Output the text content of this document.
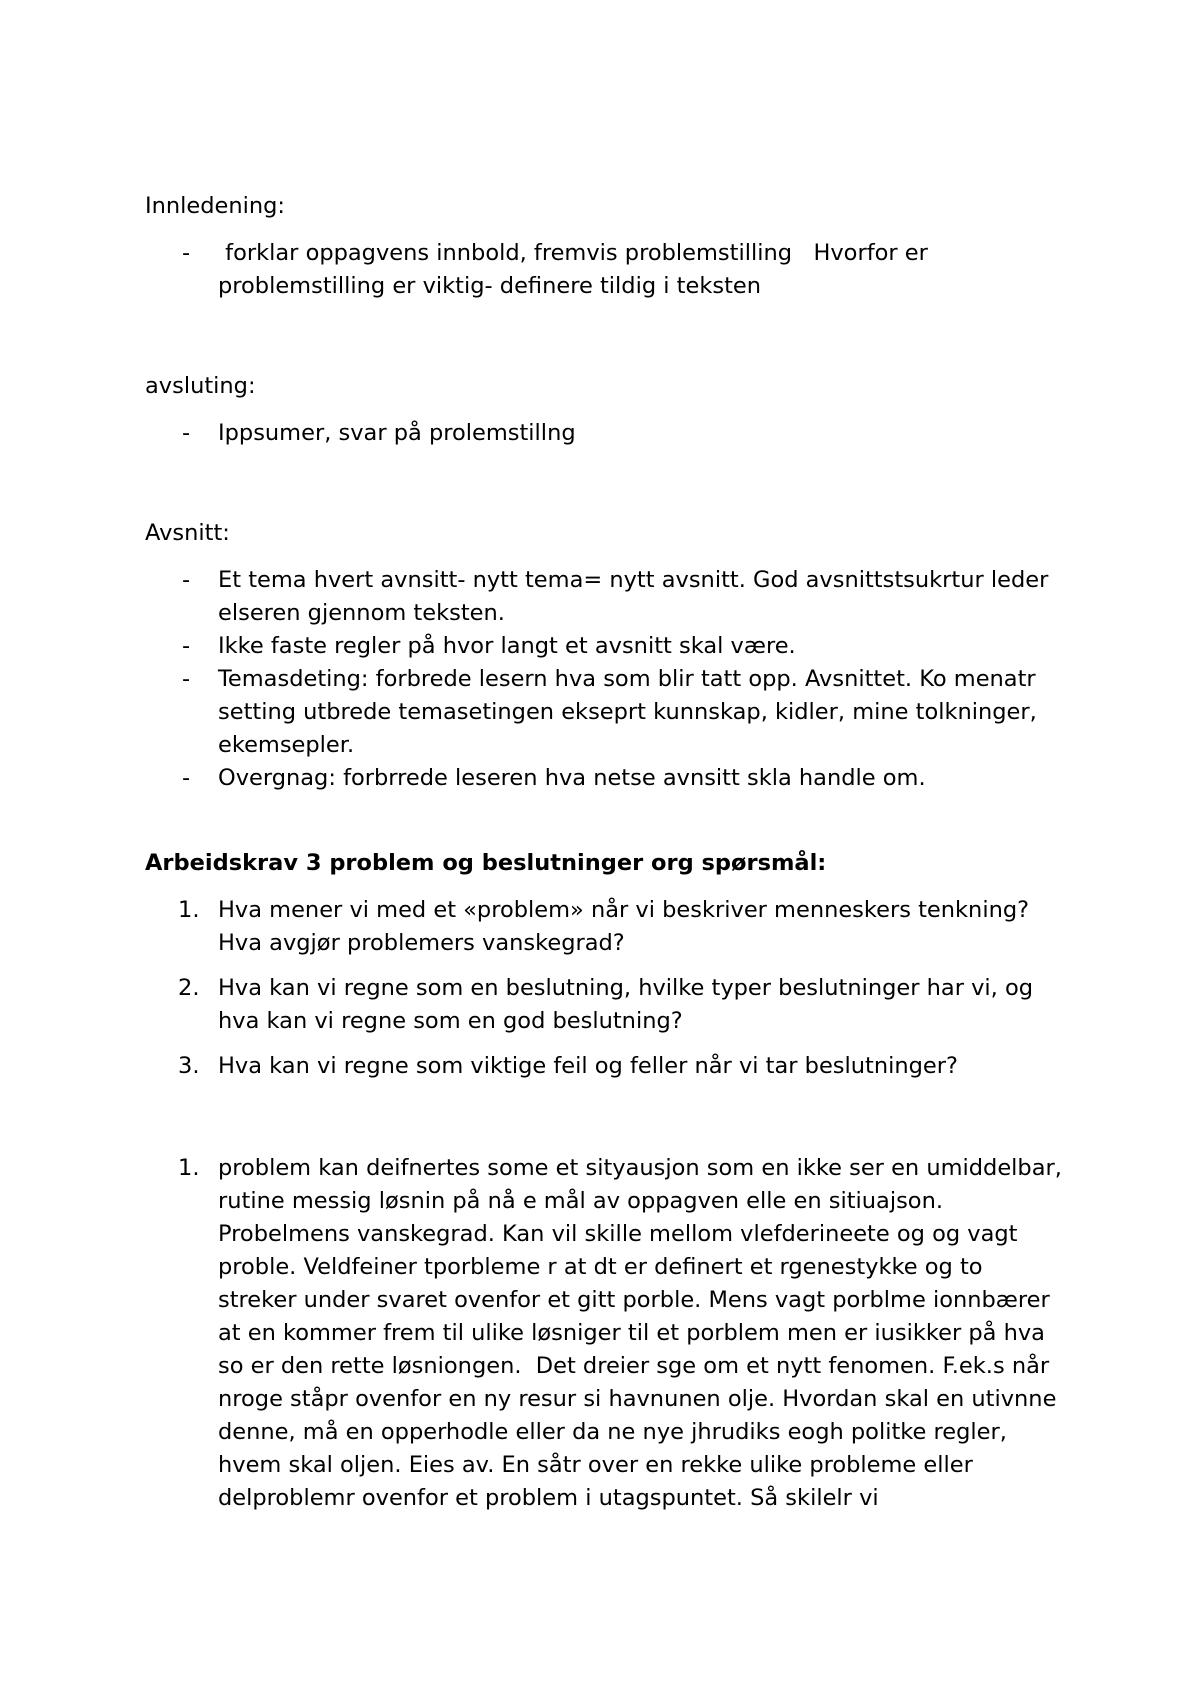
Innledening:

- forklar oppagvens innbold, fremvis problemstilling   Hvorfor er problemstilling er viktig- definere tildig i teksten

avsluting:

- Ippsumer, svar på prolemstillng

Avsnitt:

- Et tema hvert avnsitt- nytt tema= nytt avsnitt. God avsnittstsukrtur leder elseren gjennom teksten.
- Ikke faste regler på hvor langt et avsnitt skal være.
- Temasdeting: forbrede lesern hva som blir tatt opp. Avsnittet. Ko menatr setting utbrede temasetingen ekseprt kunnskap, kidler, mine tolkninger, ekemsepler.
- Overgnag: forbrrede leseren hva netse avnsitt skla handle om.

Arbeidskrav 3 problem og beslutninger org spørsmål:

1. Hva mener vi med et «problem» når vi beskriver menneskers tenkning? Hva avgjør problemers vanskegrad?
2. Hva kan vi regne som en beslutning, hvilke typer beslutninger har vi, og hva kan vi regne som en god beslutning?
3. Hva kan vi regne som viktige feil og feller når vi tar beslutninger?
1. problem kan deifnertes some et sityausjon som en ikke ser en umiddelbar, rutine messig løsnin på nå e mål av oppagven elle en sitiuajson.   Probelmens vanskegrad. Kan vil skille mellom vlefderineete og og vagt proble. Veldfeiner tporbleme r at dt er definert et rgenestykke og to streker under svaret ovenfor et gitt porble. Mens vagt porblme ionnbærer at en kommer frem til ulike løsniger til et porblem men er iusikker på hva so er den rette løsniongen.  Det dreier sge om et nytt fenomen. F.ek.s når  nroge ståpr ovenfor en ny resur si havnunen olje. Hvordan skal en utivnne denne, må en opperhodle eller da ne nye jhrudiks eogh politke regler, hvem skal oljen. Eies av. En såtr over en rekke ulike probleme eller delproblemr ovenfor et problem i utagspuntet. Så skilelr vi
